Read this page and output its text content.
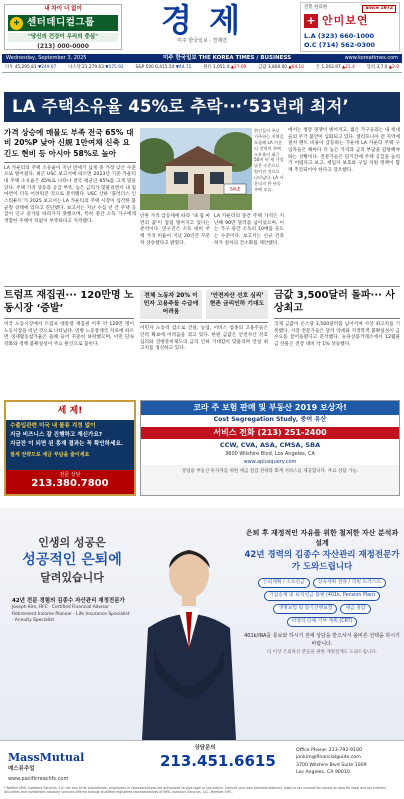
내 차이 너 없이
✚ 센터데디컬그룹
"당신의 건강이 우리의 중심"
(213) 000-0000
경 제
미주 한국일보 · 경제면
전통 한의원	Since 1972
+ 안미보연
L.A (323) 660-1000
O.C (714) 562-0300
Wednesday, September 3, 2025	미주 한국일보 THE KOREA TIMES / BUSINESS	www.koreatimes.com
다우 45,295.81 ▼249.07	나스닥 21,279.63 ▼175.92	S&P 500 6,415.54 ▼44.72	원유 1,051.4 ▲27.09	금값 3,800.00 ▲64.10	은 1,263.97 ▲21.4	달러 3,7.0 ▲2.0
LA 주택소유율 45%로 추락···‘53년래 최저’
가격 상승에 매물도 부족 전국 65% 대비 20%P 낮아 신规 1만여채 신축 요긴도 현비 등 아시아 58%로 높아
LA 카운티의 주택 소유율이 지난 반세기 넘게 중 가장 낮은 수준으로 떨어졌다. 최근 USC 보고서에 따르면 2023년 기준 카운티 내 주택 소유율은 45%로 나타나 전국 평균인 65%를 크게 밑돌았다. 주택 가격 상승과 공급 부족, 높은 금리가 맞물리면서 내 집 마련이 더욱 어려워진 것으로 분석됐다. USC 산하 ‘플러더스 인스티튜트’가 2025 보고서는 LA 카운티의 주택 시장이 심각한 불균형 상태에 있다고 진단했다. 보고서는 지난 수십 년 간 주택 공급이 인구 증가를 따라가지 못했으며, 특히 중간 소득 가구에게 적합한 주택이 턱없이 부족하다고 지적했다.
SALE
한인들이 주로 거주하는 지역을 포함해 LA 카운티 전역의 주택 소유율이 최근 50여 년 새 가장 낮은 수준으로 떨어진 것으로 나타났다. LA 카운티의 한 단독주택 모습.
에서는 청장 경쟁이 벌어지고, 젊은 가구들과는 내 세대들의 주거 불안이 심화되고 있다. 캘리포니아 전 지역에 걸쳐 렌트 비용이 급등하는 가운데 LA 카운티 주택 구입자들은 해마다 더 높은 가격과 금리 부담을 감당해야 하는 상황이다. 전문가들은 단기간에 주택 공급을 늘리기 어렵다고 보고, 세입자 보호와 구입 지원 정책이 함께 추진되어야 한다고 강조했다.
인한 가격 급등세에 따라 ‘내 집 마련의 꿈’이 점점 멀어지고 있다는 분석이다. 연구진은 소득 대비 주택 가격 비율이 지난 20년간 꾸준히 상승했다고 밝혔다.
LA 카운티의 중간 주택 가격은 지난해 90만 달러를 넘어섰으며, 이는 가구 중간 소득의 10배를 웃도는 수준이다. 보고서는 신규 건축 허가 절차의 간소화를 제안했다.
트럼프 재집권··· 120만명 노동시장 ‘증발’
미국 노동시장에서 트럼프 대통령 재집권 이후 약 120만 명이 노동시장을 떠난 것으로 나타났다. 연방 노동통계국 자료에 따르면 경제활동참가율은 올해 들어 꾸준히 하락했으며, 이민 단속 강화와 정책 불확실성이 주요 원인으로 꼽힌다.
전체 노동자 20% 이민자 고용주들 수급에 어려움
‘안전자산 선호 심리’ 현존 금리인하 기대도
이민자 노동력 감소로 건설, 농업, 서비스 업종의 고용주들은 인력 확보에 어려움을 겪고 있다. 한편 금값은 안전자산 선호 심리와 연방준비제도의 금리 인하 기대감이 맞물리며 연일 최고치를 경신하고 있다.
금값 3,500달러 돌파··· 사상최고
국제 금값이 온스당 3,500달러를 넘어서며 사상 최고치를 기록했다. 시장 전문가들은 달러 약세와 지정학적 불확실성이 금 수요를 끌어올렸다고 분석했다. 뉴욕상품거래소에서 12월물 금 선물은 전장 대비 약 1% 상승했다.
세 제!
수출입관련 미국 내 물류 걱정 없이
지금 비즈니스 잘 진행하고 계신가요?
지금잔 이 되면 된 흥재 결과는 꼭 확인하세요.
절세 전략으로 세금 부담을 줄이세요
전문 상담
213.380.7800
코라 주 보험 판매 및 부동산 2019 보상자!
Cost Segregation Study, 중여 유산
서비스 전화 (213) 251-2400
CCW, CVA, ASA, CMSA, SBA
3600 Wilshire Blvd, Los Angeles, CA
www.aplusquery.com
상업용 부동산 투자자를 위한 세금 절감 전략과 회계 서비스를 제공합니다. 무료 상담 가능.
인생의 성공은
성공적인 은퇴에
달려있습니다
42년 전문 경험의 김종수 자산관리 재정전문가
Joseph Kim, RFC · Certified Financial Advisor · Retirement Income Planner · Life Insurance Specialist · Annuity Specialist
은퇴 후 재정적인 자유를 위한 철저한 자산 분석과 설계
42년 경력의 김종수 자산관리 재정전문가가 도와드립니다
은퇴계획 / 소득연금	상속계획 전략 / 리빙 트러스트
기업승계 및 퇴직연금 플랜 (401k, Pension Plan)
생명보험 및 장기간병보험	세금 절감
비영리 단체 기부 계획 (CRT)
401k/IRA를 통보와 하시기 전에 상담을 받으셔서 올바른 선택을 하시기 바랍니다.
더 이상 은퇴하신 분들을 위한 재정설계도 도와드립니다.
MassMutual
매스뮤추얼
www.pacificreachfs.com
상담문의
213.451.6615
Office Phone: 213-792-9100
jonkim@financialguide.com
3700 Wilshire Blvd Suite 1009
Los Angeles, CA 90010
* Neither MML Investors Services, LLC nor any of its subsidiaries, employees or representatives are authorized to give legal or tax advice. Consult your own personal attorney, legal or tax counsel for advice on specific legal and tax matters. Securities and investment advisory services offered through qualified registered representatives of MML Investors Services, LLC. Member SIPC.
